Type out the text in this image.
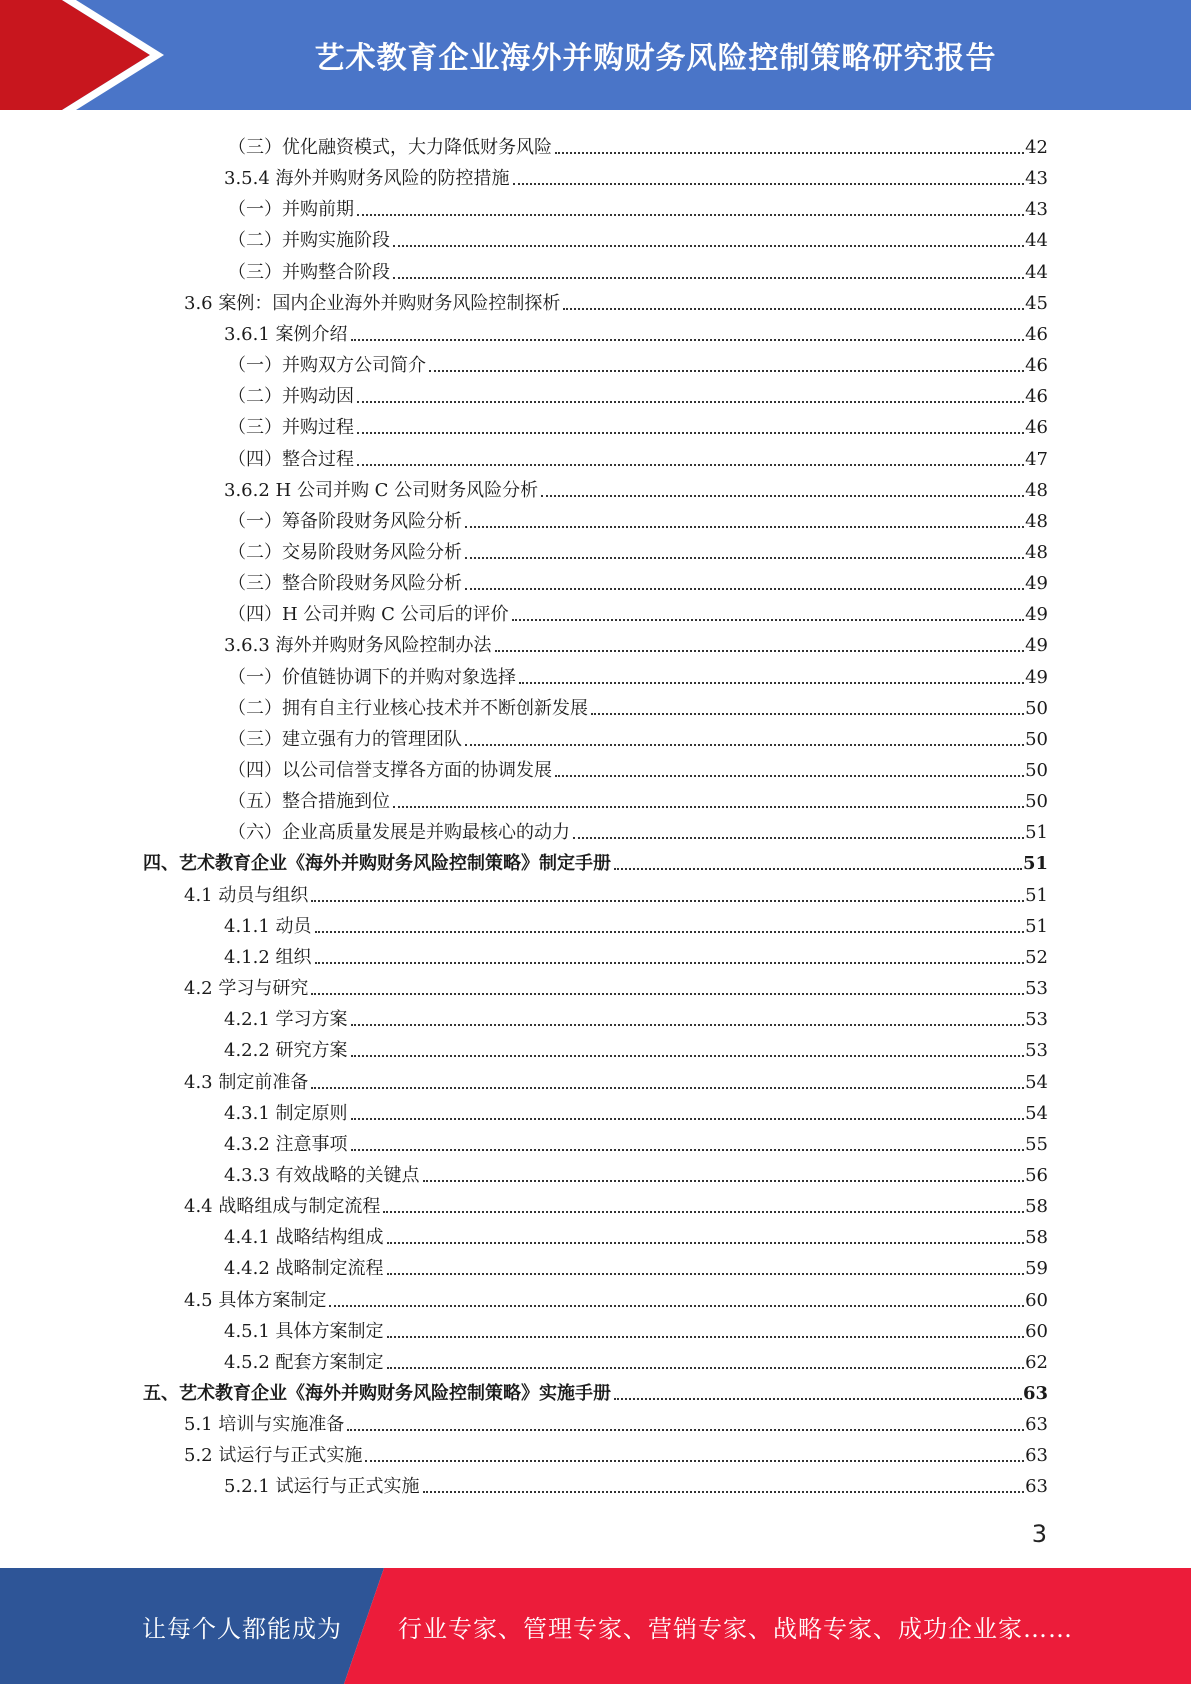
艺术教育企业海外并购财务风险控制策略研究报告
（三）优化融资模式，大力降低财务风险	42
3.5.4 海外并购财务风险的防控措施	43
（一）并购前期	43
（二）并购实施阶段	44
（三）并购整合阶段	44
3.6 案例：国内企业海外并购财务风险控制探析	45
3.6.1 案例介绍	46
（一）并购双方公司简介	46
（二）并购动因	46
（三）并购过程	46
（四）整合过程	47
3.6.2 H 公司并购 C 公司财务风险分析	48
（一）筹备阶段财务风险分析	48
（二）交易阶段财务风险分析	48
（三）整合阶段财务风险分析	49
（四）H 公司并购 C 公司后的评价	49
3.6.3 海外并购财务风险控制办法	49
（一）价值链协调下的并购对象选择	49
（二）拥有自主行业核心技术并不断创新发展	50
（三）建立强有力的管理团队	50
（四）以公司信誉支撑各方面的协调发展	50
（五）整合措施到位	50
（六）企业高质量发展是并购最核心的动力	51
四、艺术教育企业《海外并购财务风险控制策略》制定手册	51
4.1 动员与组织	51
4.1.1 动员	51
4.1.2 组织	52
4.2 学习与研究	53
4.2.1 学习方案	53
4.2.2 研究方案	53
4.3 制定前准备	54
4.3.1 制定原则	54
4.3.2 注意事项	55
4.3.3 有效战略的关键点	56
4.4 战略组成与制定流程	58
4.4.1 战略结构组成	58
4.4.2 战略制定流程	59
4.5 具体方案制定	60
4.5.1 具体方案制定	60
4.5.2 配套方案制定	62
五、艺术教育企业《海外并购财务风险控制策略》实施手册	63
5.1 培训与实施准备	63
5.2 试运行与正式实施	63
5.2.1 试运行与正式实施	63
3
让每个人都能成为 行业专家、管理专家、营销专家、战略专家、成功企业家……
